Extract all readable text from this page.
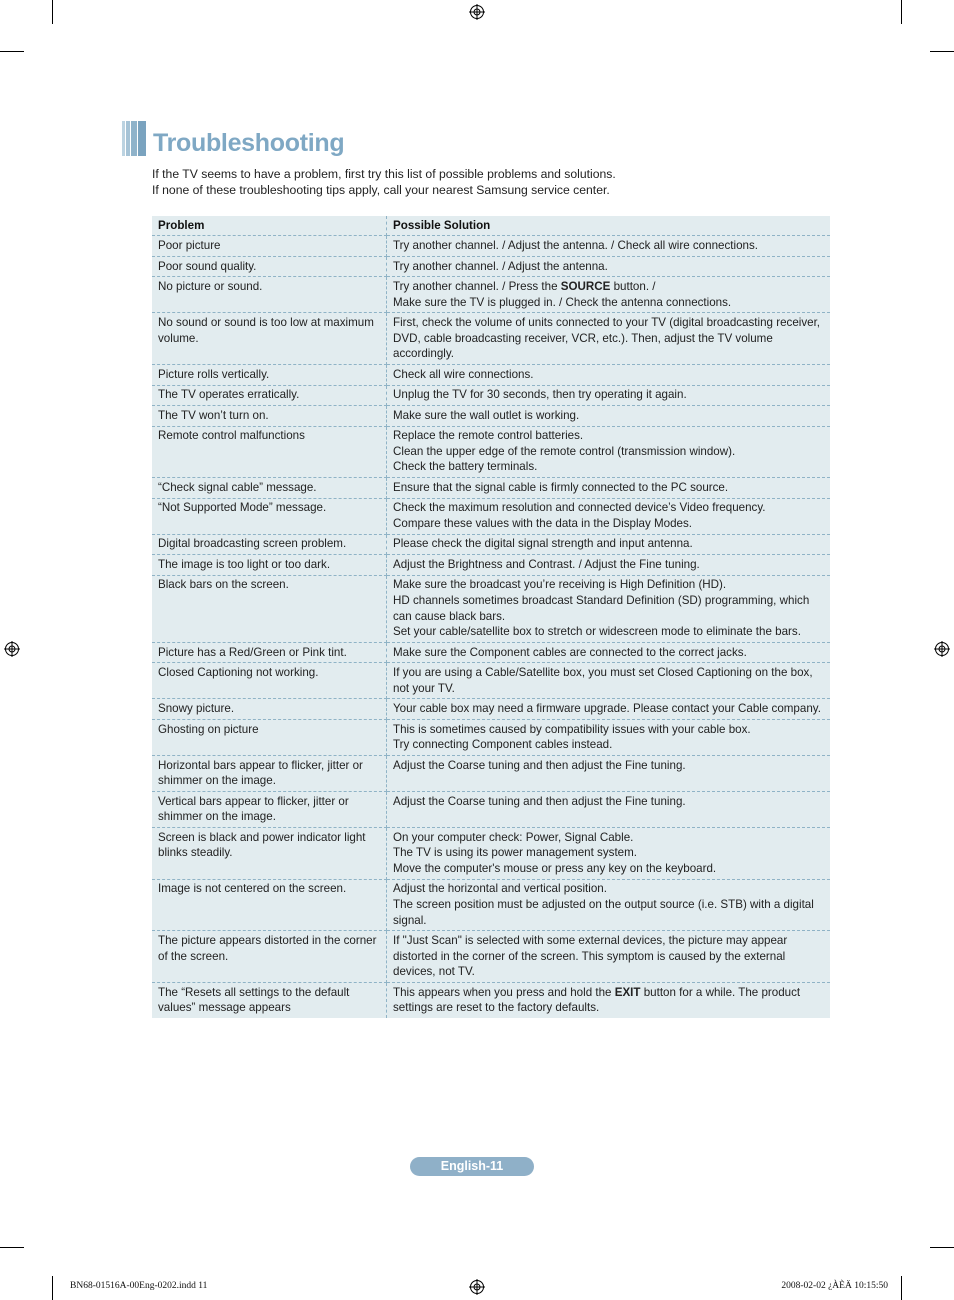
Troubleshooting
If the TV seems to have a problem, first try this list of possible problems and solutions.
If none of these troubleshooting tips apply, call your nearest Samsung service center.
Problem	Possible Solution

Poor picture	Try another channel. / Adjust the antenna. / Check all wire connections.

Poor sound quality.	Try another channel. / Adjust the antenna.

No picture or sound.	Try another channel. / Press the SOURCE button. /
Make sure the TV is plugged in. / Check the antenna connections.

No sound or sound is too low at maximum volume.	First, check the volume of units connected to your TV (digital broadcasting receiver, DVD, cable broadcasting receiver, VCR, etc.). Then, adjust the TV volume accordingly.

Picture rolls vertically.	Check all wire connections.

The TV operates erratically.	Unplug the TV for 30 seconds, then try operating it again.

The TV won’t turn on.	Make sure the wall outlet is working.

Remote control malfunctions	Replace the remote control batteries.
Clean the upper edge of the remote control (transmission window).
Check the battery terminals.

“Check signal cable” message.	Ensure that the signal cable is firmly connected to the PC source.

“Not Supported Mode” message.	Check the maximum resolution and connected device’s Video frequency.
Compare these values with the data in the Display Modes.

Digital broadcasting screen problem.	Please check the digital signal strength and input antenna.

The image is too light or too dark.	Adjust the Brightness and Contrast. / Adjust the Fine tuning.

Black bars on the screen.	Make sure the broadcast you’re receiving is High Definition (HD).
HD channels sometimes broadcast Standard Definition (SD) programming, which can cause black bars.
Set your cable/satellite box to stretch or widescreen mode to eliminate the bars.

Picture has a Red/Green or Pink tint.	Make sure the Component cables are connected to the correct jacks.

Closed Captioning not working.	If you are using a Cable/Satellite box, you must set Closed Captioning on the box, not your TV.

Snowy picture.	Your cable box may need a firmware upgrade. Please contact your Cable company.

Ghosting on picture	This is sometimes caused by compatibility issues with your cable box.
Try connecting Component cables instead.

Horizontal bars appear to flicker, jitter or shimmer on the image.	Adjust the Coarse tuning and then adjust the Fine tuning.

Vertical bars appear to flicker, jitter or shimmer on the image.	Adjust the Coarse tuning and then adjust the Fine tuning.

Screen is black and power indicator light blinks steadily.	On your computer check: Power, Signal Cable.
The TV is using its power management system.
Move the computer's mouse or press any key on the keyboard.

Image is not centered on the screen.	Adjust the horizontal and vertical position.
The screen position must be adjusted on the output source (i.e. STB) with a digital signal.

The picture appears distorted in the corner of the screen.	If "Just Scan" is selected with some external devices, the picture may appear distorted in the corner of the screen. This symptom is caused by the external devices, not TV.

The “Resets all settings to the default values” message appears	This appears when you press and hold the EXIT button for a while. The product settings are reset to the factory defaults.
English-11
BN68-01516A-00Eng-0202.indd 11	2008-02-02 ¿ÀÈÄ 10:15:50
